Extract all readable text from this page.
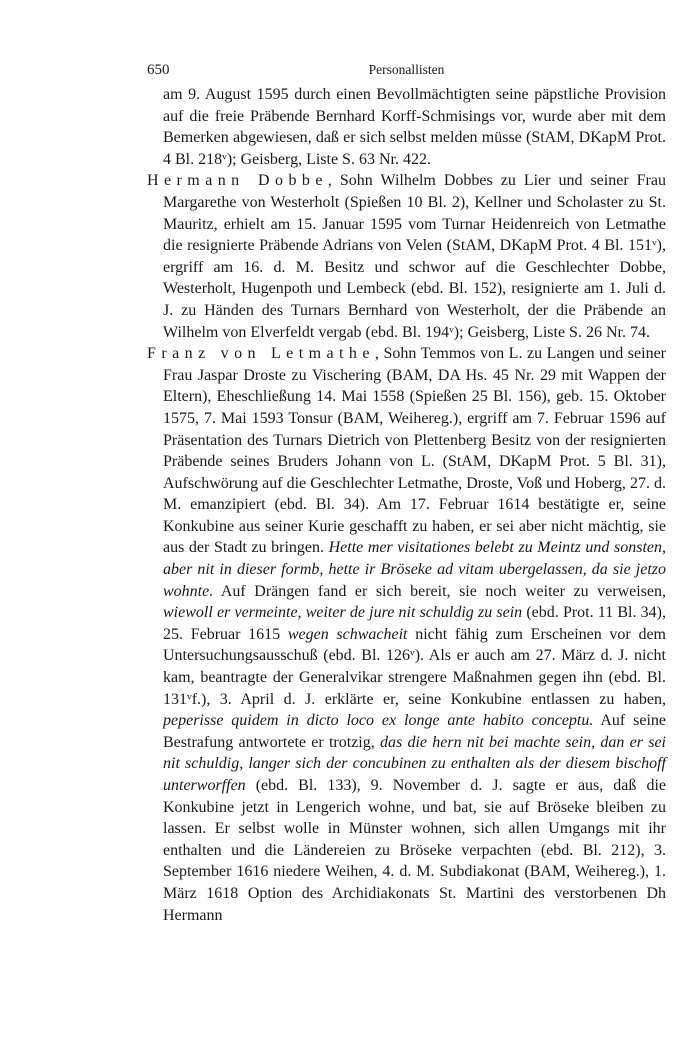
650	Personallisten

am 9. August 1595 durch einen Bevollmächtigten seine päpstliche Provision auf die freie Präbende Bernhard Korff-Schmisings vor, wurde aber mit dem Bemerken abgewiesen, daß er sich selbst melden müsse (StAM, DKapM Prot. 4 Bl. 218ᵛ); Geisberg, Liste S. 63 Nr. 422.

Hermann Dobbe, Sohn Wilhelm Dobbes zu Lier und seiner Frau Margarethe von Westerholt (Spießen 10 Bl. 2), Kellner und Scholaster zu St. Mauritz, erhielt am 15. Januar 1595 vom Turnar Heidenreich von Letmathe die resignierte Präbende Adrians von Velen (StAM, DKapM Prot. 4 Bl. 151ᵛ), ergriff am 16. d. M. Besitz und schwor auf die Geschlechter Dobbe, Westerholt, Hugenpoth und Lembeck (ebd. Bl. 152), resignierte am 1. Juli d. J. zu Händen des Turnars Bernhard von Westerholt, der die Präbende an Wilhelm von Elverfeldt vergab (ebd. Bl. 194ᵛ); Geisberg, Liste S. 26 Nr. 74.

Franz von Letmathe, Sohn Temmos von L. zu Langen und seiner Frau Jaspar Droste zu Vischering (BAM, DA Hs. 45 Nr. 29 mit Wappen der Eltern), Eheschließung 14. Mai 1558 (Spießen 25 Bl. 156), geb. 15. Oktober 1575, 7. Mai 1593 Tonsur (BAM, Weihereg.), ergriff am 7. Februar 1596 auf Präsentation des Turnars Dietrich von Plettenberg Besitz von der resignierten Präbende seines Bruders Johann von L. (StAM, DKapM Prot. 5 Bl. 31), Aufschwörung auf die Geschlechter Letmathe, Droste, Voß und Hoberg, 27. d. M. emanzipiert (ebd. Bl. 34). Am 17. Februar 1614 bestätigte er, seine Konkubine aus seiner Kurie geschafft zu haben, er sei aber nicht mächtig, sie aus der Stadt zu bringen. Hette mer visitationes belebt zu Meintz und sonsten, aber nit in dieser formb, hette ir Bröseke ad vitam ubergelassen, da sie jetzo wohnte. Auf Drängen fand er sich bereit, sie noch weiter zu verweisen, wiewoll er vermeinte, weiter de jure nit schuldig zu sein (ebd. Prot. 11 Bl. 34), 25. Februar 1615 wegen schwacheit nicht fähig zum Erscheinen vor dem Untersuchungsausschuß (ebd. Bl. 126ᵛ). Als er auch am 27. März d. J. nicht kam, beantragte der Generalvikar strengere Maßnahmen gegen ihn (ebd. Bl. 131ᵛf.), 3. April d. J. erklärte er, seine Konkubine entlassen zu haben, peperisse quidem in dicto loco ex longe ante habito conceptu. Auf seine Bestrafung antwortete er trotzig, das die hern nit bei machte sein, dan er sei nit schuldig, langer sich der concubinen zu enthalten als der diesem bischoff unterworffen (ebd. Bl. 133), 9. November d. J. sagte er aus, daß die Konkubine jetzt in Lengerich wohne, und bat, sie auf Bröseke bleiben zu lassen. Er selbst wolle in Münster wohnen, sich allen Umgangs mit ihr enthalten und die Ländereien zu Bröseke verpachten (ebd. Bl. 212), 3. September 1616 niedere Weihen, 4. d. M. Subdiakonat (BAM, Weihereg.), 1. März 1618 Option des Archidiakonats St. Martini des verstorbenen Dh Hermann
